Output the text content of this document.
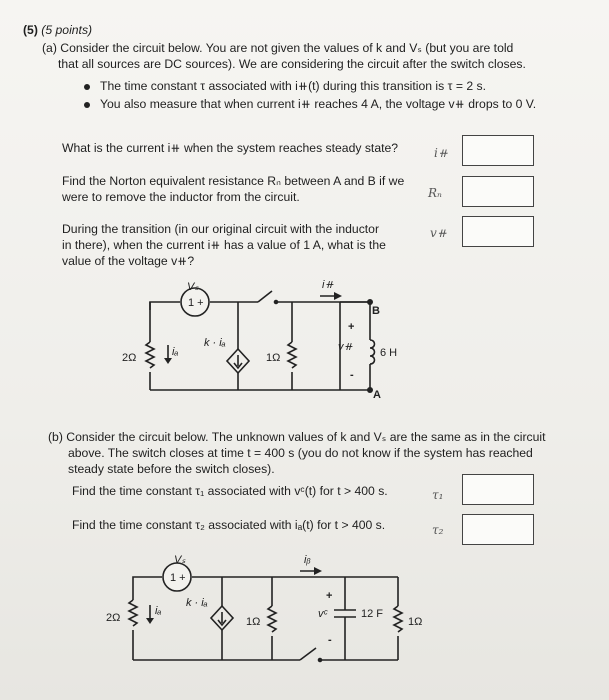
(5) (5 points)
(a) Consider the circuit below. You are not given the values of k and Vₛ (but you are told
that all sources are DC sources). We are considering the circuit after the switch closes.
The time constant τ associated with i⧺(t) during this transition is τ = 2 s.
You also measure that when current i⧺ reaches 4 A, the voltage v⧺ drops to 0 V.
What is the current i⧺ when the system reaches steady state?	i⧺
Find the Norton equivalent resistance Rₙ between A and B if we
were to remove the inductor from the circuit.	Rₙ
During the transition (in our original circuit with the inductor
in there), when the current i⧺ has a value of 1 A, what is the
value of the voltage v⧺?
v⧺
1 +
Vₛ
2Ω	iₐ
k · iₐ
1Ω
i⧺
B
A
+
v⧺
-
6 H
(b) Consider the circuit below. The unknown values of k and Vₛ are the same as in the circuit
above. The switch closes at time t = 400 s (you do not know if the system has reached
steady state before the switch closes).
Find the time constant τ₁ associated with vᶜ(t) for t > 400 s.	τ₁
Find the time constant τ₂ associated with iₐ(t) for t > 400 s.	τ₂
1 +
Vₛ
2Ω
iₐ
k · iₐ
1Ω
iᵦ
+
vᶜ
-
12 F
1Ω
